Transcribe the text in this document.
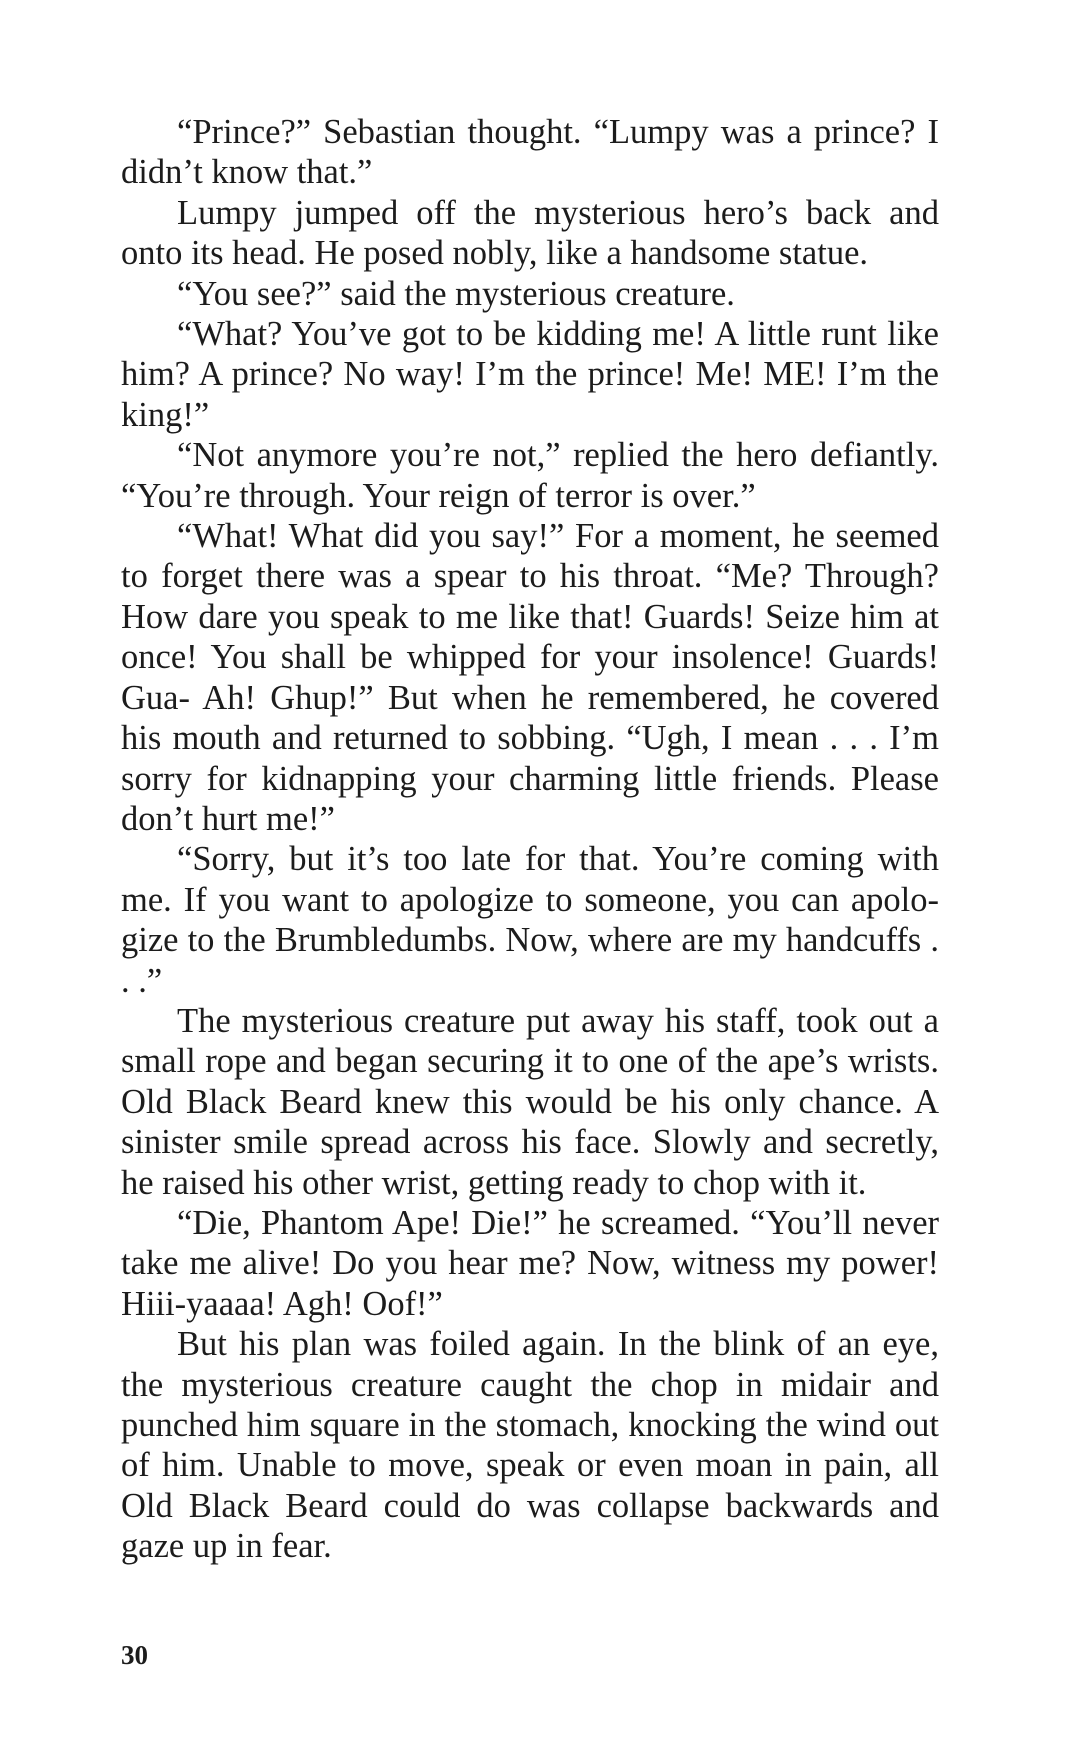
“Prince?” Sebastian thought. “Lumpy was a prince? I didn’t know that.”

Lumpy jumped off the mysterious hero’s back and onto its head. He posed nobly, like a handsome statue.

“You see?” said the mysterious creature.

“What? You’ve got to be kidding me! A little runt like him? A prince? No way! I’m the prince! Me! ME! I’m the king!”

“Not anymore you’re not,” replied the hero defiantly. “You’re through. Your reign of terror is over.”

“What! What did you say!” For a moment, he seemed to forget there was a spear to his throat. “Me? Through? How dare you speak to me like that! Guards! Seize him at once! You shall be whipped for your insolence! Guards! Gua- Ah! Ghup!” But when he remembered, he covered his mouth and returned to sobbing. “Ugh, I mean . . . I’m sorry for kidnapping your charming little friends. Please don’t hurt me!”

“Sorry, but it’s too late for that. You’re coming with me. If you want to apologize to someone, you can apologize to the Brumbledumbs. Now, where are my handcuffs . . .”

The mysterious creature put away his staff, took out a small rope and began securing it to one of the ape’s wrists. Old Black Beard knew this would be his only chance. A sinister smile spread across his face. Slowly and secretly, he raised his other wrist, getting ready to chop with it.

“Die, Phantom Ape! Die!” he screamed. “You’ll never take me alive! Do you hear me? Now, witness my power! Hiii-yaaaa! Agh! Oof!”

But his plan was foiled again. In the blink of an eye, the mysterious creature caught the chop in midair and punched him square in the stomach, knocking the wind out of him. Unable to move, speak or even moan in pain, all Old Black Beard could do was collapse backwards and gaze up in fear.

30
